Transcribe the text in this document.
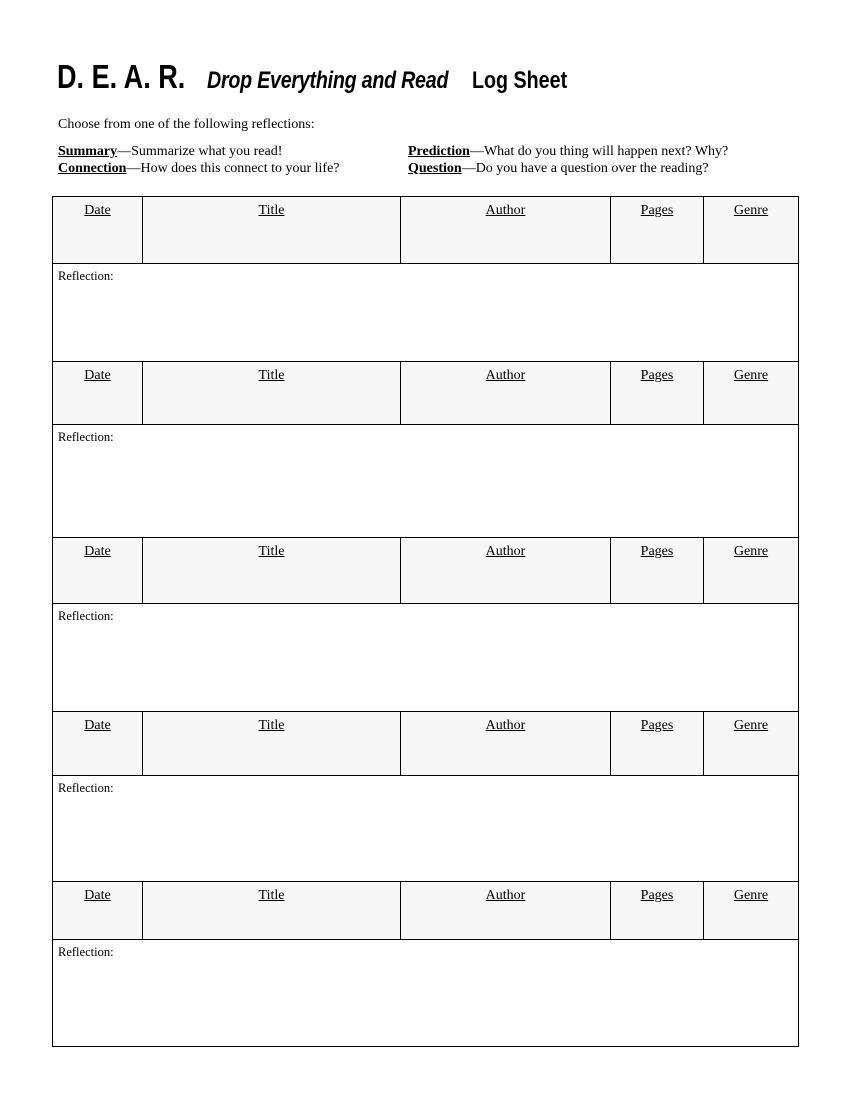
D. E. A. R. Drop Everything and Read Log Sheet
Choose from one of the following reflections:
Summary—Summarize what you read!	Prediction—What do you thing will happen next? Why?
Connection—How does this connect to your life?	Question—Do you have a question over the reading?
Date	Title	Author	Pages	Genre
Reflection:
Date	Title	Author	Pages	Genre
Reflection:
Date	Title	Author	Pages	Genre
Reflection:
Date	Title	Author	Pages	Genre
Reflection:
Date	Title	Author	Pages	Genre
Reflection:
